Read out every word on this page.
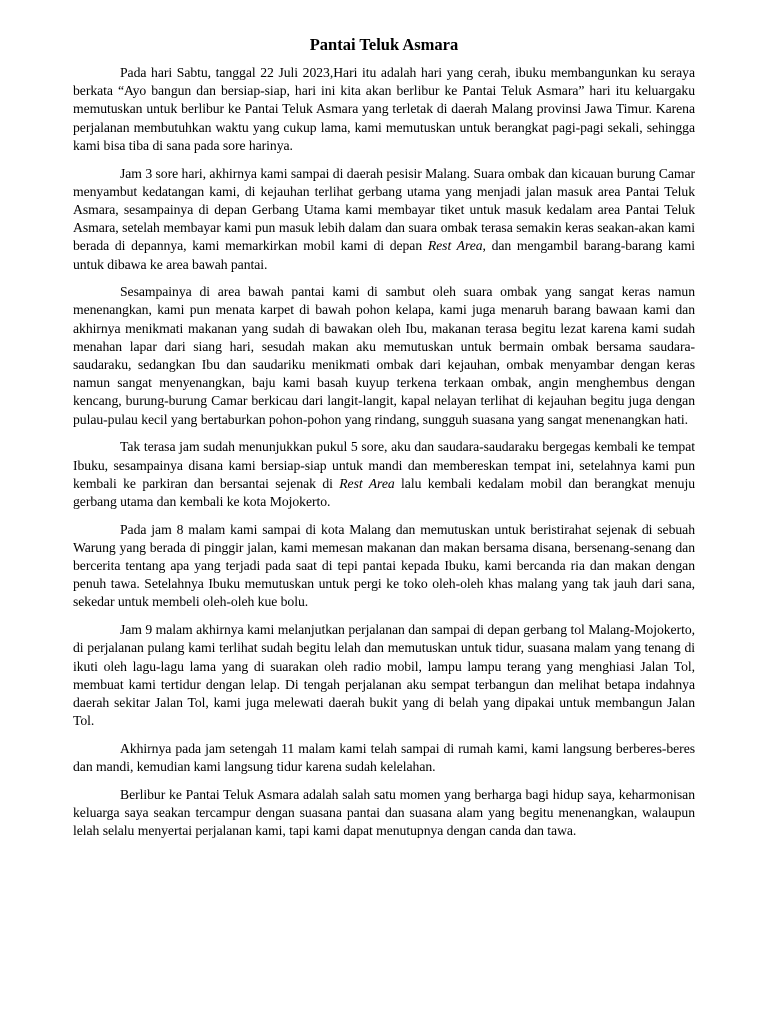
Pantai Teluk Asmara

Pada hari Sabtu, tanggal 22 Juli 2023,Hari itu adalah hari yang cerah, ibuku membangunkan ku seraya berkata “Ayo bangun dan bersiap-siap, hari ini kita akan berlibur ke Pantai Teluk Asmara” hari itu keluargaku memutuskan untuk berlibur ke Pantai Teluk Asmara yang terletak di daerah Malang provinsi Jawa Timur. Karena perjalanan membutuhkan waktu yang cukup lama, kami memutuskan untuk berangkat pagi-pagi sekali, sehingga kami bisa tiba di sana pada sore harinya.

Jam 3 sore hari, akhirnya kami sampai di daerah pesisir Malang. Suara ombak dan kicauan burung Camar menyambut kedatangan kami, di kejauhan terlihat gerbang utama yang menjadi jalan masuk area Pantai Teluk Asmara, sesampainya di depan Gerbang Utama kami membayar tiket untuk masuk kedalam area Pantai Teluk Asmara, setelah membayar kami pun masuk lebih dalam dan suara ombak terasa semakin keras seakan-akan kami berada di depannya, kami memarkirkan mobil kami di depan Rest Area, dan mengambil barang-barang kami untuk dibawa ke area bawah pantai.

Sesampainya di area bawah pantai kami di sambut oleh suara ombak yang sangat keras namun menenangkan, kami pun menata karpet di bawah pohon kelapa, kami juga menaruh barang bawaan kami dan akhirnya menikmati makanan yang sudah di bawakan oleh Ibu, makanan terasa begitu lezat karena kami sudah menahan lapar dari siang hari, sesudah makan aku memutuskan untuk bermain ombak bersama saudara-saudaraku, sedangkan Ibu dan saudariku menikmati ombak dari kejauhan, ombak menyambar dengan keras namun sangat menyenangkan, baju kami basah kuyup terkena terkaan ombak, angin menghembus dengan kencang, burung-burung Camar berkicau dari langit-langit, kapal nelayan terlihat di kejauhan begitu juga dengan pulau-pulau kecil yang bertaburkan pohon-pohon yang rindang, sungguh suasana yang sangat menenangkan hati.

Tak terasa jam sudah menunjukkan pukul 5 sore, aku dan saudara-saudaraku bergegas kembali ke tempat Ibuku, sesampainya disana kami bersiap-siap untuk mandi dan membereskan tempat ini, setelahnya kami pun kembali ke parkiran dan bersantai sejenak di Rest Area lalu kembali kedalam mobil dan berangkat menuju gerbang utama dan kembali ke kota Mojokerto.

Pada jam 8 malam kami sampai di kota Malang dan memutuskan untuk beristirahat sejenak di sebuah Warung yang berada di pinggir jalan, kami memesan makanan dan makan bersama disana, bersenang-senang dan bercerita tentang apa yang terjadi pada saat di tepi pantai kepada Ibuku, kami bercanda ria dan makan dengan penuh tawa. Setelahnya Ibuku memutuskan untuk pergi ke toko oleh-oleh khas malang yang tak jauh dari sana, sekedar untuk membeli oleh-oleh kue bolu.

Jam 9 malam akhirnya kami melanjutkan perjalanan dan sampai di depan gerbang tol Malang-Mojokerto, di perjalanan pulang kami terlihat sudah begitu lelah dan memutuskan untuk tidur, suasana malam yang tenang di ikuti oleh lagu-lagu lama yang di suarakan oleh radio mobil, lampu lampu terang yang menghiasi Jalan Tol, membuat kami tertidur dengan lelap. Di tengah perjalanan aku sempat terbangun dan melihat betapa indahnya daerah sekitar Jalan Tol, kami juga melewati daerah bukit yang di belah yang dipakai untuk membangun Jalan Tol.

Akhirnya pada jam setengah 11 malam kami telah sampai di rumah kami, kami langsung berberes-beres dan mandi, kemudian kami langsung tidur karena sudah kelelahan.

Berlibur ke Pantai Teluk Asmara adalah salah satu momen yang berharga bagi hidup saya, keharmonisan keluarga saya seakan tercampur dengan suasana pantai dan suasana alam yang begitu menenangkan, walaupun lelah selalu menyertai perjalanan kami, tapi kami dapat menutupnya dengan canda dan tawa.
